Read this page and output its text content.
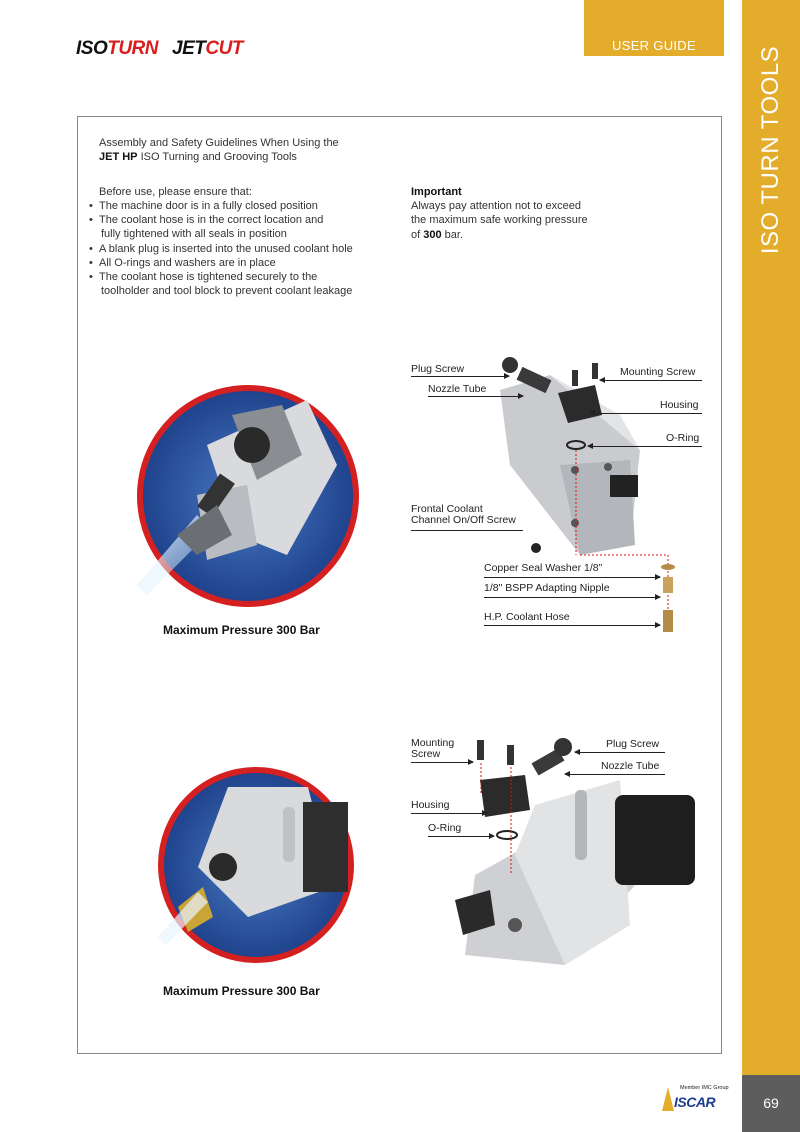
ISOTURN JETCUT	USER GUIDE
ISO TURN TOOLS
Assembly and Safety Guidelines When Using the
JET HP ISO Turning and Grooving Tools
Before use, please ensure that:
• The machine door is in a fully closed position
• The coolant hose is in the correct location and
fully tightened with all seals in position
• A blank plug is inserted into the unused coolant hole
• All O-rings and washers are in place
• The coolant hose is tightened securely to the
toolholder and tool block to prevent coolant leakage
Important
Always pay attention not to exceed
the maximum safe working pressure
of 300 bar.
Maximum Pressure 300 Bar
Plug Screw
Nozzle Tube
Mounting Screw
Housing
O-Ring
Frontal Coolant
Channel On/Off Screw
Copper Seal Washer 1/8”
1/8" BSPP Adapting Nipple
H.P. Coolant Hose
Maximum Pressure 300 Bar
Mounting
Screw
Plug Screw
Nozzle Tube
Housing
O-Ring
Member IMC Group
ISCAR	69
